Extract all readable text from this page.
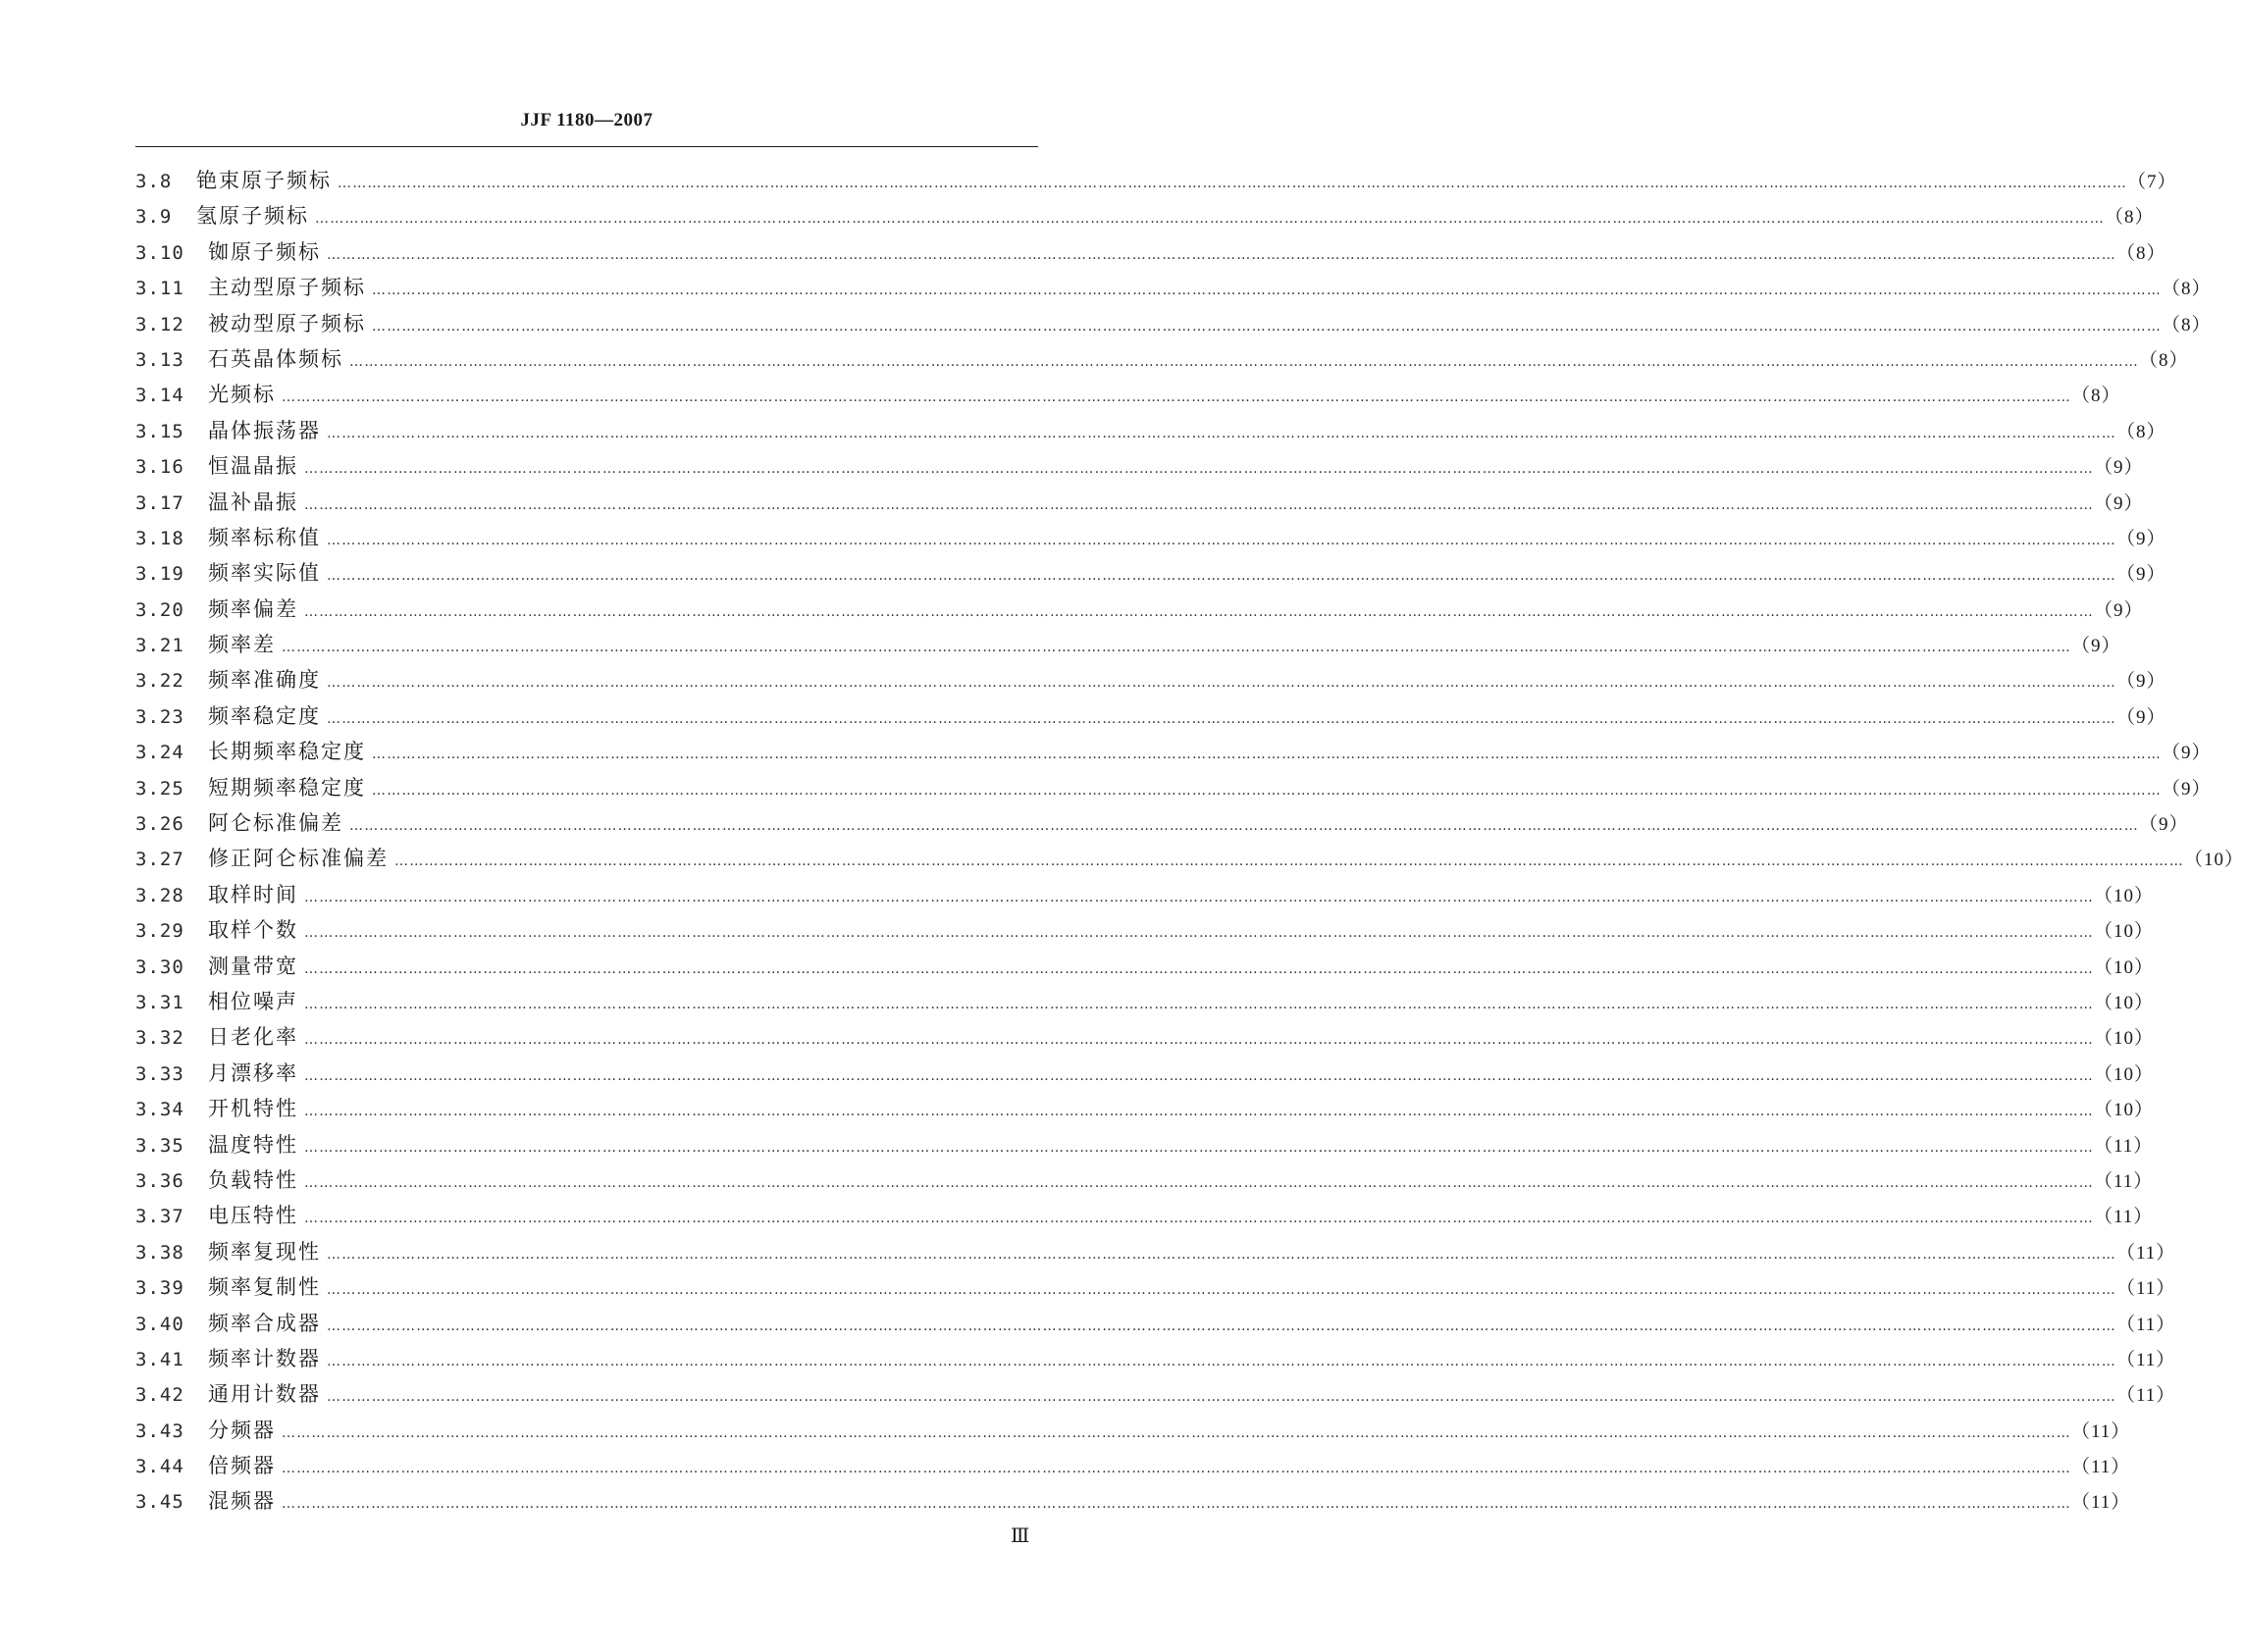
JJF 1180—2007
3.8	铯束原子频标 ……………………………………………………………………………………………………………………………………………………………………………………………………………………………………………………………………………………………………………………………… （7）
3.9	氢原子频标 ……………………………………………………………………………………………………………………………………………………………………………………………………………………………………………………………………………………………………………………………… （8）
3.10	铷原子频标 ……………………………………………………………………………………………………………………………………………………………………………………………………………………………………………………………………………………………………………………………… （8）
3.11	主动型原子频标 ……………………………………………………………………………………………………………………………………………………………………………………………………………………………………………………………………………………………………………………………… （8）
3.12	被动型原子频标 ……………………………………………………………………………………………………………………………………………………………………………………………………………………………………………………………………………………………………………………………… （8）
3.13	石英晶体频标 ……………………………………………………………………………………………………………………………………………………………………………………………………………………………………………………………………………………………………………………………… （8）
3.14	光频标 ……………………………………………………………………………………………………………………………………………………………………………………………………………………………………………………………………………………………………………………………… （8）
3.15	晶体振荡器 ……………………………………………………………………………………………………………………………………………………………………………………………………………………………………………………………………………………………………………………………… （8）
3.16	恒温晶振 ……………………………………………………………………………………………………………………………………………………………………………………………………………………………………………………………………………………………………………………………… （9）
3.17	温补晶振 ……………………………………………………………………………………………………………………………………………………………………………………………………………………………………………………………………………………………………………………………… （9）
3.18	频率标称值 ……………………………………………………………………………………………………………………………………………………………………………………………………………………………………………………………………………………………………………………………… （9）
3.19	频率实际值 ……………………………………………………………………………………………………………………………………………………………………………………………………………………………………………………………………………………………………………………………… （9）
3.20	频率偏差 ……………………………………………………………………………………………………………………………………………………………………………………………………………………………………………………………………………………………………………………………… （9）
3.21	频率差 ……………………………………………………………………………………………………………………………………………………………………………………………………………………………………………………………………………………………………………………………… （9）
3.22	频率准确度 ……………………………………………………………………………………………………………………………………………………………………………………………………………………………………………………………………………………………………………………………… （9）
3.23	频率稳定度 ……………………………………………………………………………………………………………………………………………………………………………………………………………………………………………………………………………………………………………………………… （9）
3.24	长期频率稳定度 ……………………………………………………………………………………………………………………………………………………………………………………………………………………………………………………………………………………………………………………………… （9）
3.25	短期频率稳定度 ……………………………………………………………………………………………………………………………………………………………………………………………………………………………………………………………………………………………………………………………… （9）
3.26	阿仑标准偏差 ……………………………………………………………………………………………………………………………………………………………………………………………………………………………………………………………………………………………………………………………… （9）
3.27	修正阿仑标准偏差 ……………………………………………………………………………………………………………………………………………………………………………………………………………………………………………………………………………………………………………………………… （10）
3.28	取样时间 ……………………………………………………………………………………………………………………………………………………………………………………………………………………………………………………………………………………………………………………………… （10）
3.29	取样个数 ……………………………………………………………………………………………………………………………………………………………………………………………………………………………………………………………………………………………………………………………… （10）
3.30	测量带宽 ……………………………………………………………………………………………………………………………………………………………………………………………………………………………………………………………………………………………………………………………… （10）
3.31	相位噪声 ……………………………………………………………………………………………………………………………………………………………………………………………………………………………………………………………………………………………………………………………… （10）
3.32	日老化率 ……………………………………………………………………………………………………………………………………………………………………………………………………………………………………………………………………………………………………………………………… （10）
3.33	月漂移率 ……………………………………………………………………………………………………………………………………………………………………………………………………………………………………………………………………………………………………………………………… （10）
3.34	开机特性 ……………………………………………………………………………………………………………………………………………………………………………………………………………………………………………………………………………………………………………………………… （10）
3.35	温度特性 ……………………………………………………………………………………………………………………………………………………………………………………………………………………………………………………………………………………………………………………………… （11）
3.36	负载特性 ……………………………………………………………………………………………………………………………………………………………………………………………………………………………………………………………………………………………………………………………… （11）
3.37	电压特性 ……………………………………………………………………………………………………………………………………………………………………………………………………………………………………………………………………………………………………………………………… （11）
3.38	频率复现性 ……………………………………………………………………………………………………………………………………………………………………………………………………………………………………………………………………………………………………………………………… （11）
3.39	频率复制性 ……………………………………………………………………………………………………………………………………………………………………………………………………………………………………………………………………………………………………………………………… （11）
3.40	频率合成器 ……………………………………………………………………………………………………………………………………………………………………………………………………………………………………………………………………………………………………………………………… （11）
3.41	频率计数器 ……………………………………………………………………………………………………………………………………………………………………………………………………………………………………………………………………………………………………………………………… （11）
3.42	通用计数器 ……………………………………………………………………………………………………………………………………………………………………………………………………………………………………………………………………………………………………………………………… （11）
3.43	分频器 ……………………………………………………………………………………………………………………………………………………………………………………………………………………………………………………………………………………………………………………………… （11）
3.44	倍频器 ……………………………………………………………………………………………………………………………………………………………………………………………………………………………………………………………………………………………………………………………… （11）
3.45	混频器 ……………………………………………………………………………………………………………………………………………………………………………………………………………………………………………………………………………………………………………………………… （11）
Ⅲ
